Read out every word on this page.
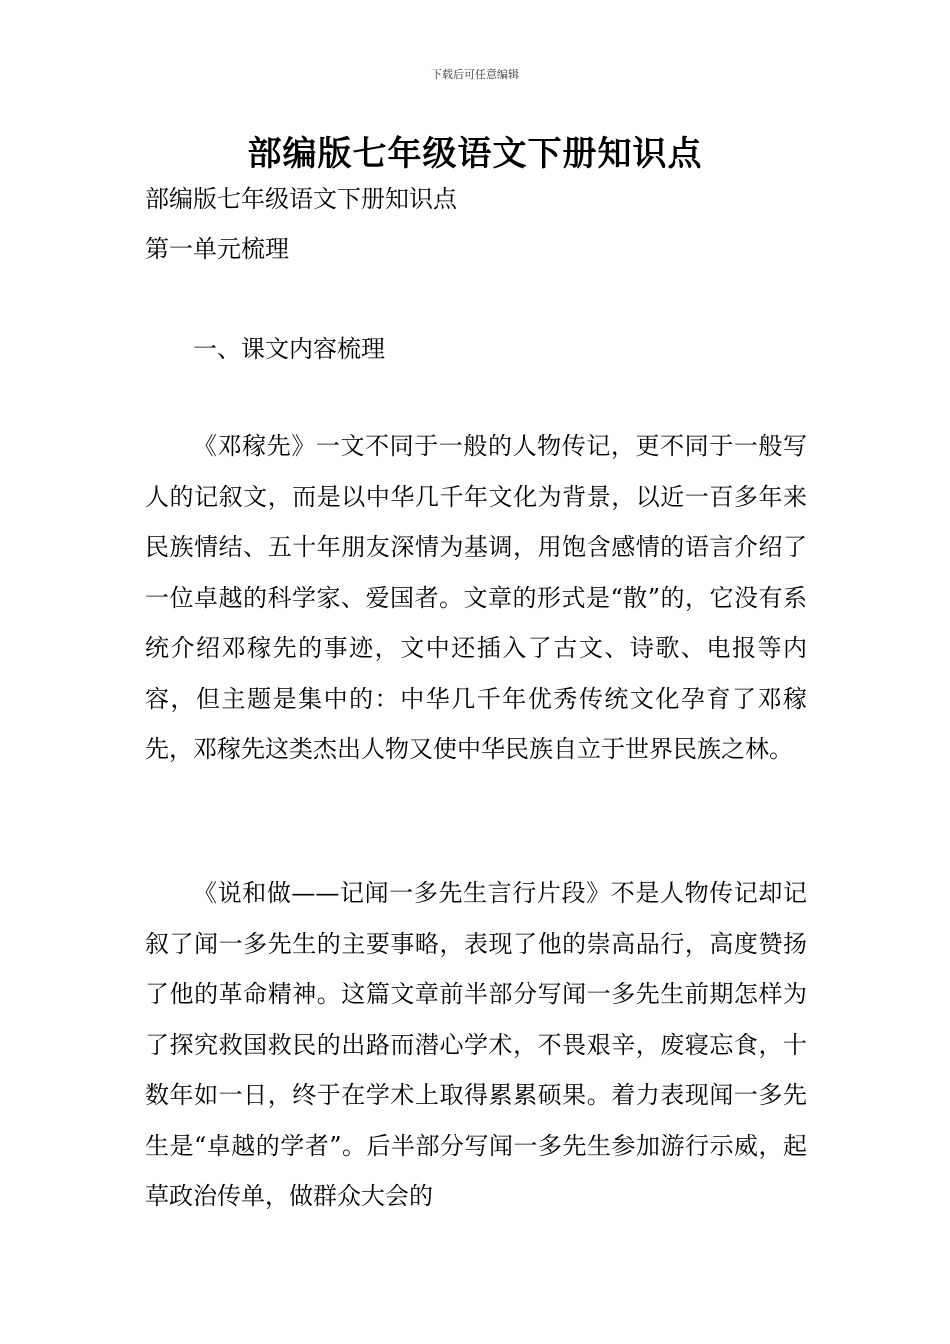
下载后可任意编辑
部编版七年级语文下册知识点
部编版七年级语文下册知识点
第一单元梳理
一、课文内容梳理

《邓稼先》一文不同于一般的人物传记，更不同于一般写人的记叙文，而是以中华几千年文化为背景，以近一百多年来民族情结、五十年朋友深情为基调，用饱含感情的语言介绍了一位卓越的科学家、爱国者。文章的形式是“散”的，它没有系统介绍邓稼先的事迹，文中还插入了古文、诗歌、电报等内容，但主题是集中的：中华几千年优秀传统文化孕育了邓稼先，邓稼先这类杰出人物又使中华民族自立于世界民族之林。

《说和做——记闻一多先生言行片段》不是人物传记却记叙了闻一多先生的主要事略，表现了他的崇高品行，高度赞扬了他的革命精神。这篇文章前半部分写闻一多先生前期怎样为了探究救国救民的出路而潜心学术，不畏艰辛，废寝忘食，十数年如一日，终于在学术上取得累累硕果。着力表现闻一多先生是“卓越的学者”。后半部分写闻一多先生参加游行示威，起草政治传单，做群众大会的
